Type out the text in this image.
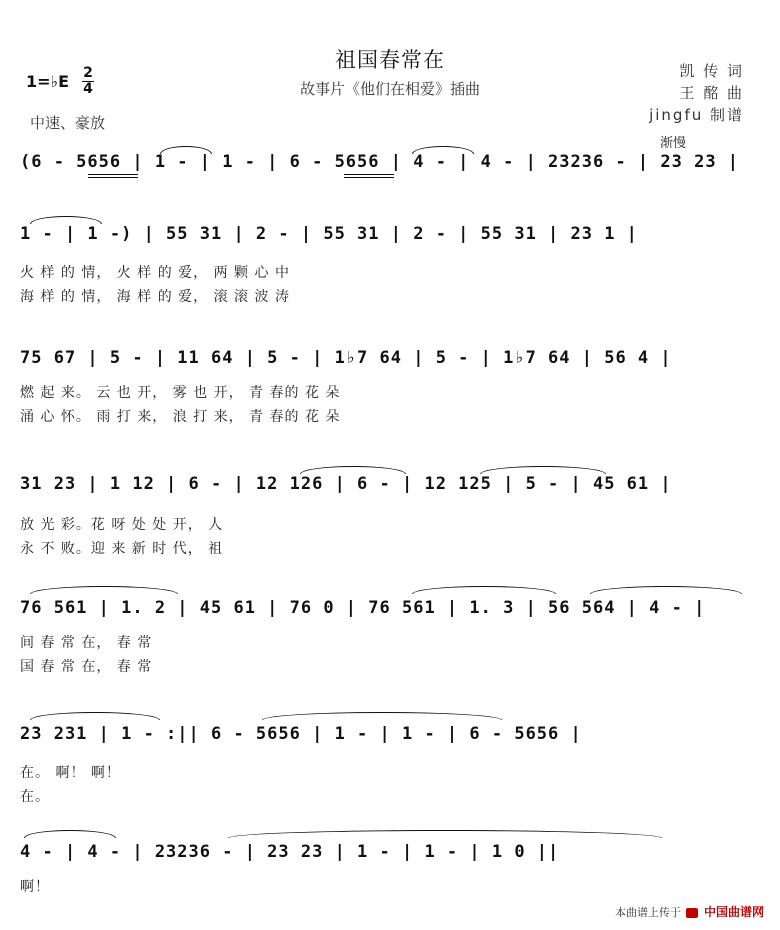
祖国春常在
故事片《他们在相爱》插曲
凯 传 词
王 酩 曲
jingfu 制谱
1=♭E 2
4
中速、豪放
渐慢
(6 - 5656 | 1 - | 1 - | 6 - 5656 | 4 - | 4 - | 23236 - | 23 23 |
1 - | 1 -) | 55 31 | 2 - | 55 31 | 2 - | 55 31 | 23 1 |
火 样 的 情， 火 样 的 爱， 两 颗 心 中
海 样 的 情， 海 样 的 爱， 滚 滚 波 涛
75 67 | 5 - | 11 64 | 5 - | 1♭7 64 | 5 - | 1♭7 64 | 56 4 |
燃 起 来。 云 也 开， 雾 也 开， 青 春的 花 朵
涌 心 怀。 雨 打 来， 浪 打 来， 青 春的 花 朵
31 23 | 1 12 | 6 - | 12 126 | 6 - | 12 125 | 5 - | 45 61 |
放 光 彩。花 呀 处 处 开， 人
永 不 败。迎 来 新 时 代， 祖
76 561 | 1. 2 | 45 61 | 76 0 | 76 561 | 1. 3 | 56 564 | 4 - |
间 春 常 在， 春 常
国 春 常 在， 春 常
23 231 | 1 - :|| 6 - 5656 | 1 - | 1 - | 6 - 5656 |
在。 啊！ 啊！
在。
4 - | 4 - | 23236 - | 23 23 | 1 - | 1 - | 1 0 ||
啊！
本曲谱上传于 中国曲谱网
